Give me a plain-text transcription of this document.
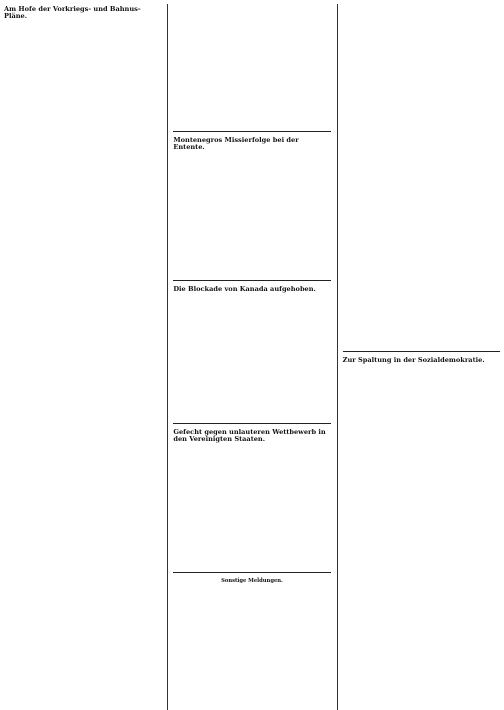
Am Hofe der Vorkriegs- und Bahnus-Pläne.
Montenegros Missierfolge bei der Entente.
Die Blockade von Kanada aufgehoben.
Gefecht gegen unlauteren Wettbewerb in den Vereinigten Staaten.
Sonstige Meldungen.
Zur Spaltung in der Sozialdemokratie.
